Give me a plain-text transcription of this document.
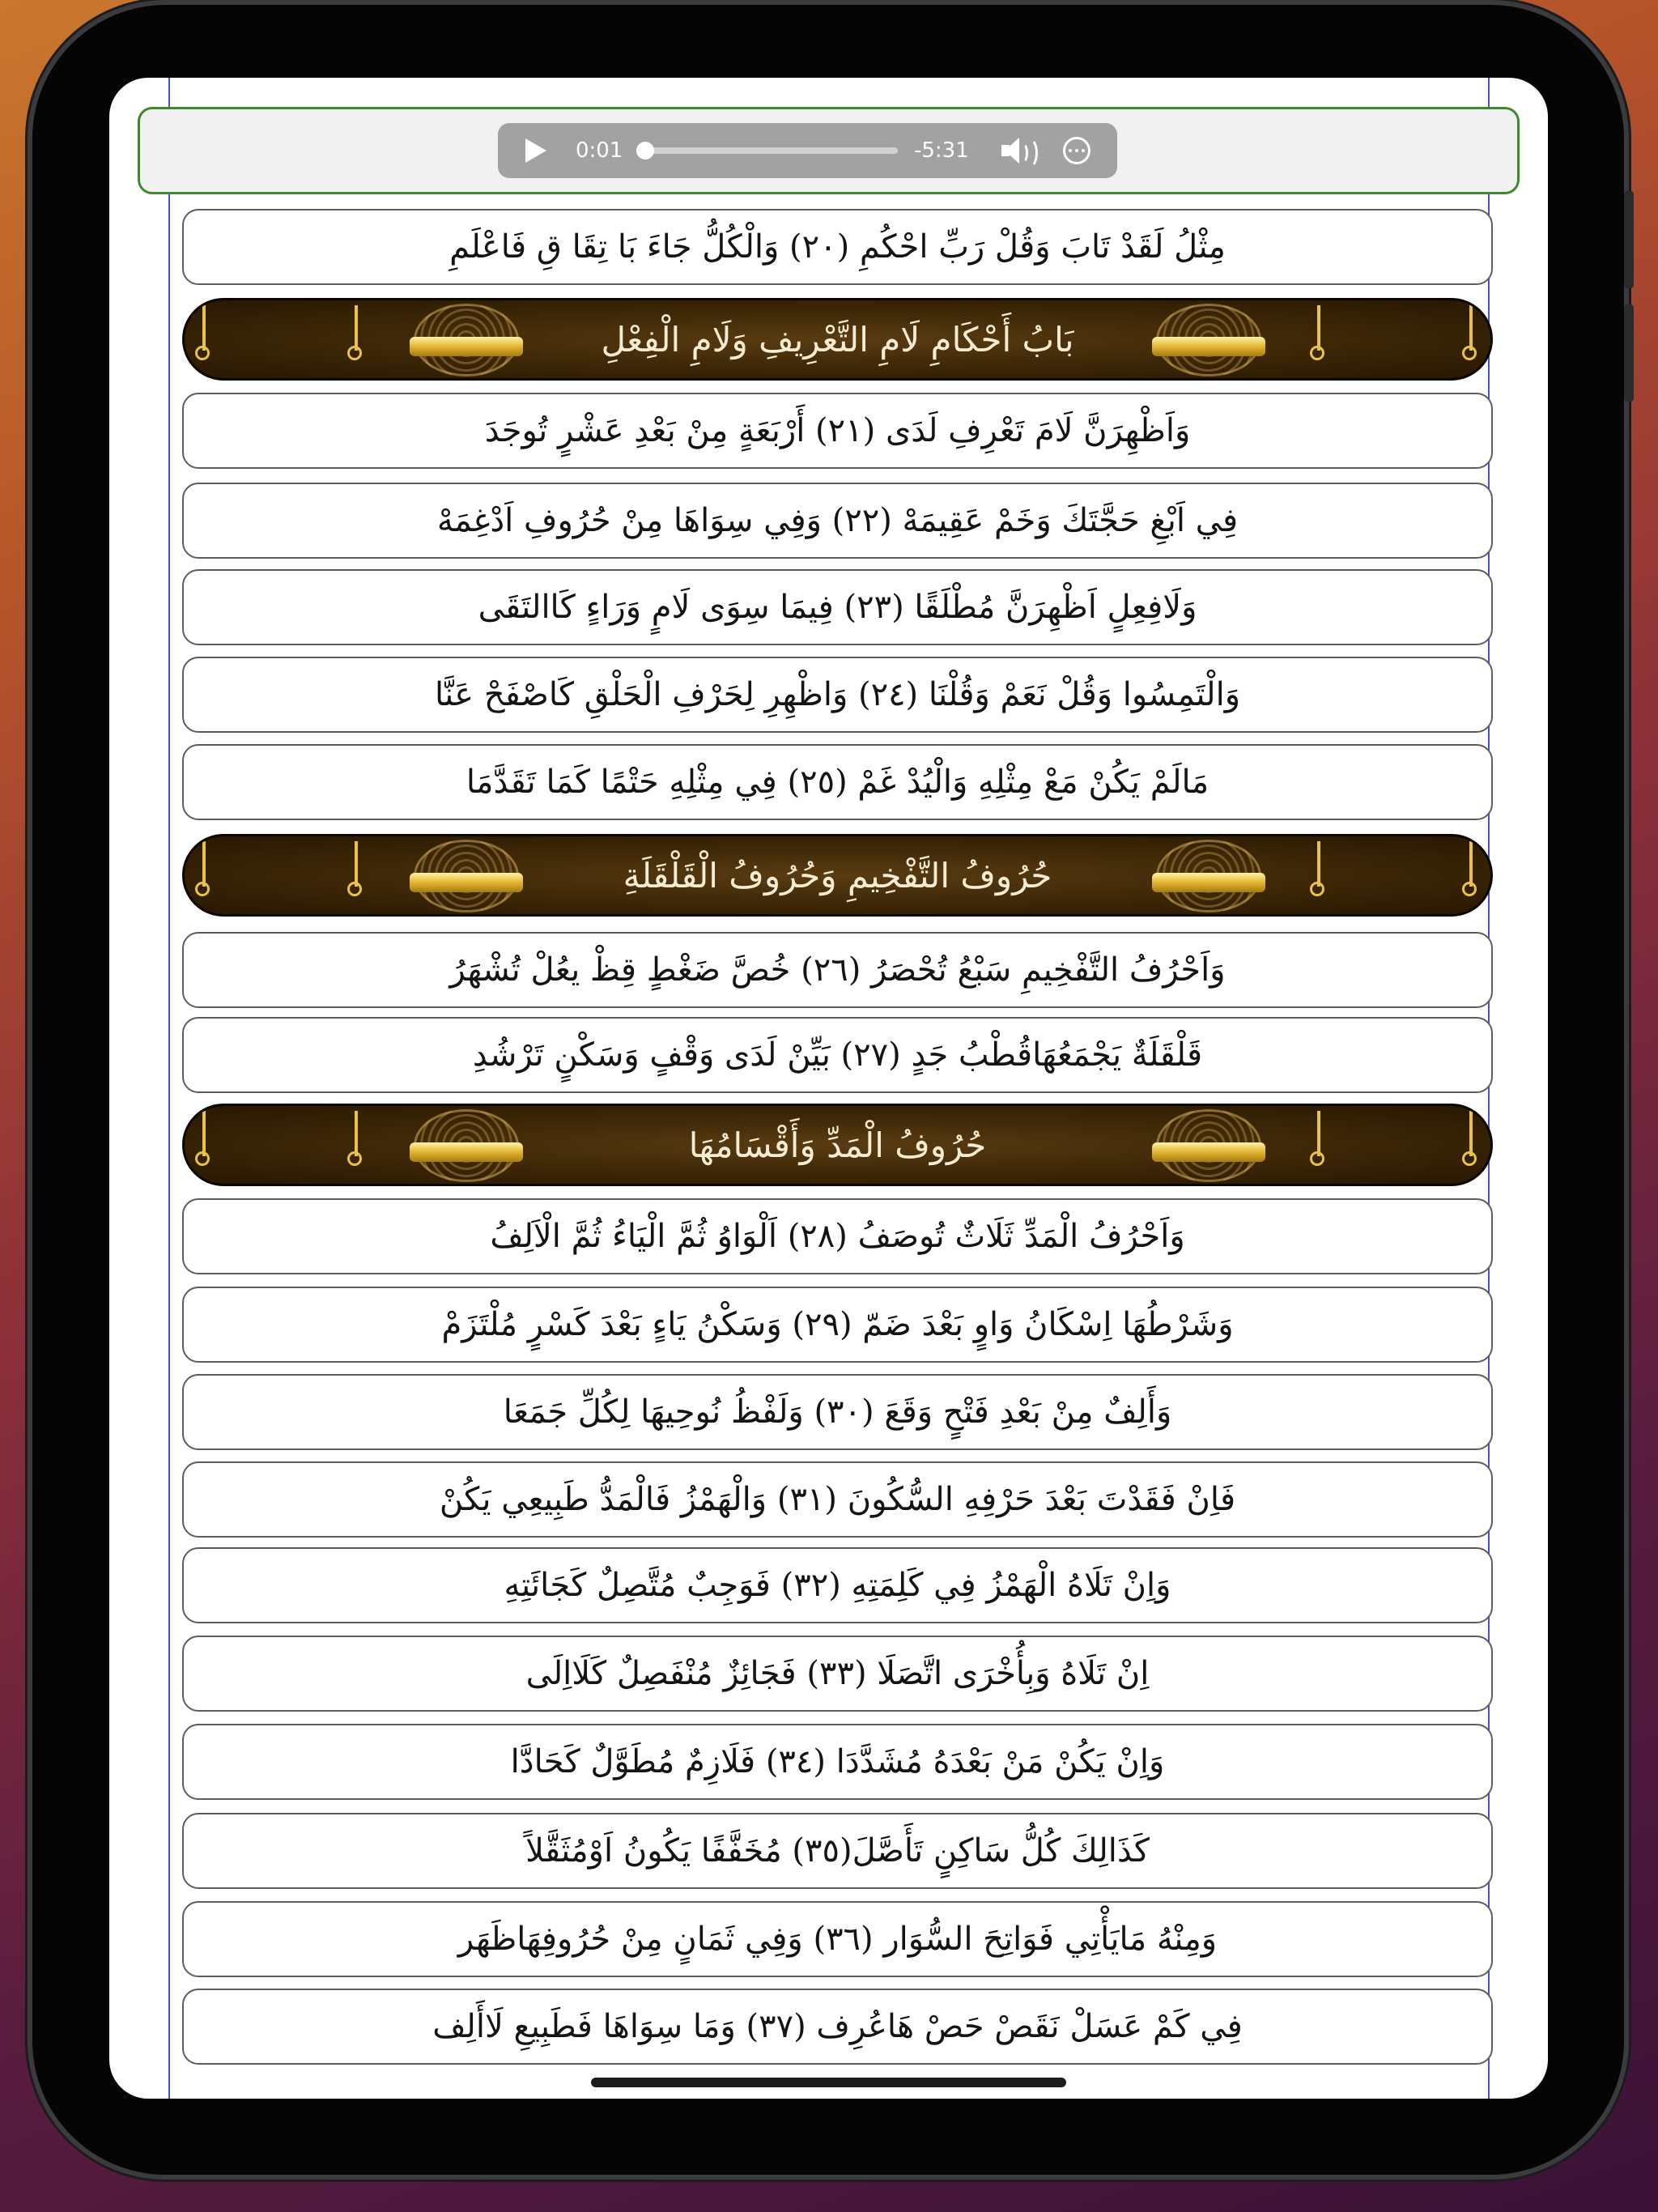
مِثْلُ لَقَدْ تَابَ وَقُلْ رَبِّ احْكُمِ (٢٠) وَالْكُلُّ جَاءَ بَا تِقَا قِ فَاعْلَمِ
بَابُ أَحْكَامِ لَامِ التَّعْرِيفِ وَلَامِ الْفِعْلِ
وَاَظْهِرَنَّ لَامَ تَعْرِفِ لَدَى (٢١) أَرْبَعَةٍ مِنْ بَعْدِ عَشْرٍ تُوجَدَ
فِي اَبْغِ حَجَّتَكَ وَخَمْ عَقِيمَهْ (٢٢) وَفِي سِوَاهَا مِنْ حُرُوفِ اَدْغِمَهْ
وَلَافِعِلٍ اَظْهِرَنَّ مُطْلَقًا (٢٣) فِيمَا سِوَى لَامٍ وَرَاءٍ كَاالتَقَى
وَالْتَمِسُوا وَقُلْ نَعَمْ وَقُلْنَا (٢٤) وَاظْهِرِ لِحَرْفِ الْحَلْقِ كَاصْفَحْ عَنَّا
مَالَمْ يَكُنْ مَعْ مِثْلِهِ وَالْيُدْ غَمْ (٢٥) فِي مِثْلِهِ حَتْمًا كَمَا تَقَدَّمَا
حُرُوفُ التَّفْخِيمِ وَحُرُوفُ الْقَلْقَلَةِ
وَاَحْرُفُ التَّفْخِيمِ سَبْعُ تُحْصَرُ (٢٦) خُصَّ ضَغْطٍ قِظْ يعُلْ تُشْهَرُ
قَلْقَلَةٌ يَجْمَعُهَاقُطْبُ جَدٍ (٢٧) بَيِّنْ لَدَى وَقْفٍ وَسَكْنٍ تَرْشُدِ
حُرُوفُ الْمَدِّ وَأَقْسَامُهَا
وَاَحْرُفُ الْمَدِّ ثَلَاثٌ تُوصَفُ (٢٨) اَلْوَاوُ ثُمَّ الْيَاءُ ثُمَّ الْاَلِفُ
وَشَرْطُهَا اِسْكَانُ وَاوٍ بَعْدَ ضَمّ (٢٩) وَسَكْنُ يَاءٍ بَعْدَ كَسْرٍ مُلْتَزَمْ
وَأَلِفٌ مِنْ بَعْدِ فَتْحٍ وَقَعَ (٣٠) وَلَفْظُ نُوحِيهَا لِكُلِّ جَمَعَا
فَاِنْ فَقَدْتَ بَعْدَ حَرْفِهِ السُّكُونَ (٣١) وَالْهَمْزُ فَالْمَدُّ طَبِيعِي يَكُنْ
وَاِنْ تَلَاهُ الْهَمْزُ فِي كَلِمَتِهِ (٣٢) فَوَجِبٌ مُتَّصِلٌ كَجَائَتِهِ
اِنْ تَلَاهُ وَبِأُخْرَى اتَّصَلَا (٣٣) فَجَائِزٌ مُنْفَصِلٌ كَلَااِلَى
وَاِنْ يَكُنْ مَنْ بَعْدَهُ مُشَدَّدَا (٣٤) فَلَازِمٌ مُطَوَّلٌ كَحَادَّا
كَذَالِكَ كُلُّ سَاكِنٍ تَأَصَّلَ(٣٥) مُخَفَّفًا يَكُونُ اَوْمُثَقَّلاً
وَمِنْهُ مَايَأْتِي فَوَاتِحَ السُّوَار (٣٦) وَفِي ثَمَانٍ مِنْ حُرُوفِهَاظَهَر
فِي كَمْ عَسَلْ نَقَصْ حَصْ هَاعُرِف (٣٧) وَمَا سِوَاهَا فَطَبِيعِ لَاأَلِف
0:01	-5:31
